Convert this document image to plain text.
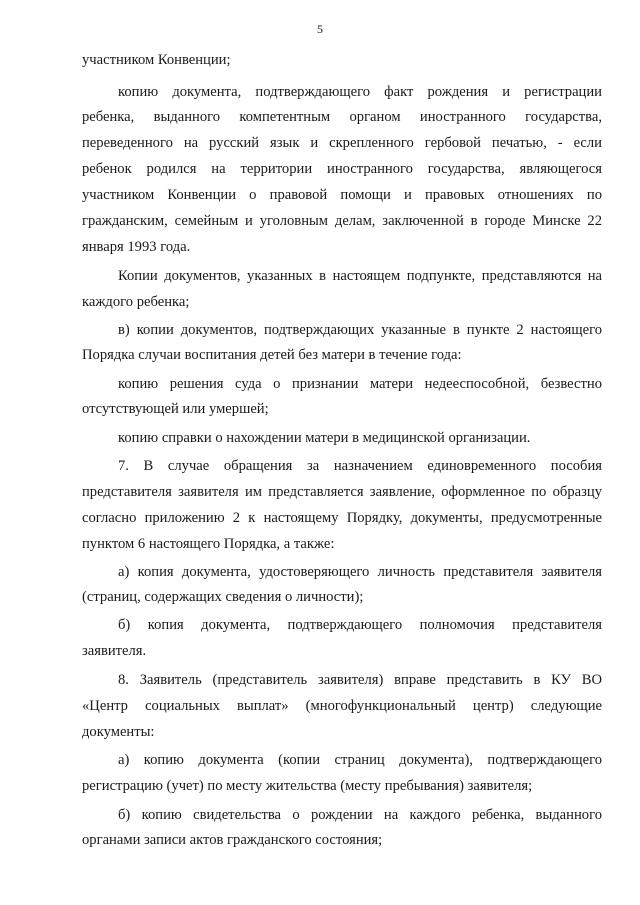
5
участником Конвенции;
копию документа, подтверждающего факт рождения и регистрации
ребенка, выданного компетентным органом иностранного государства,
переведенного на русский язык и скрепленного гербовой печатью, - если
ребенок родился на территории иностранного государства, являющегося
участником Конвенции о правовой помощи и правовых отношениях по
гражданским, семейным и уголовным делам, заключенной в городе Минске 22
января 1993 года.
Копии документов, указанных в настоящем подпункте, представляются на
каждого ребенка;
в) копии документов, подтверждающих указанные в пункте 2 настоящего
Порядка случаи воспитания детей без матери в течение года:
копию решения суда о признании матери недееспособной, безвестно
отсутствующей или умершей;
копию справки о нахождении матери в медицинской организации.
7. В случае обращения за назначением единовременного пособия
представителя заявителя им представляется заявление, оформленное по образцу
согласно приложению 2 к настоящему Порядку, документы, предусмотренные
пунктом 6 настоящего Порядка, а также:
а) копия документа, удостоверяющего личность представителя заявителя
(страниц, содержащих сведения о личности);
б) копия документа, подтверждающего полномочия представителя
заявителя.
8. Заявитель (представитель заявителя) вправе представить в КУ ВО
«Центр социальных выплат» (многофункциональный центр) следующие
документы:
а) копию документа (копии страниц документа), подтверждающего
регистрацию (учет) по месту жительства (месту пребывания) заявителя;
б) копию свидетельства о рождении на каждого ребенка, выданного
органами записи актов гражданского состояния;
